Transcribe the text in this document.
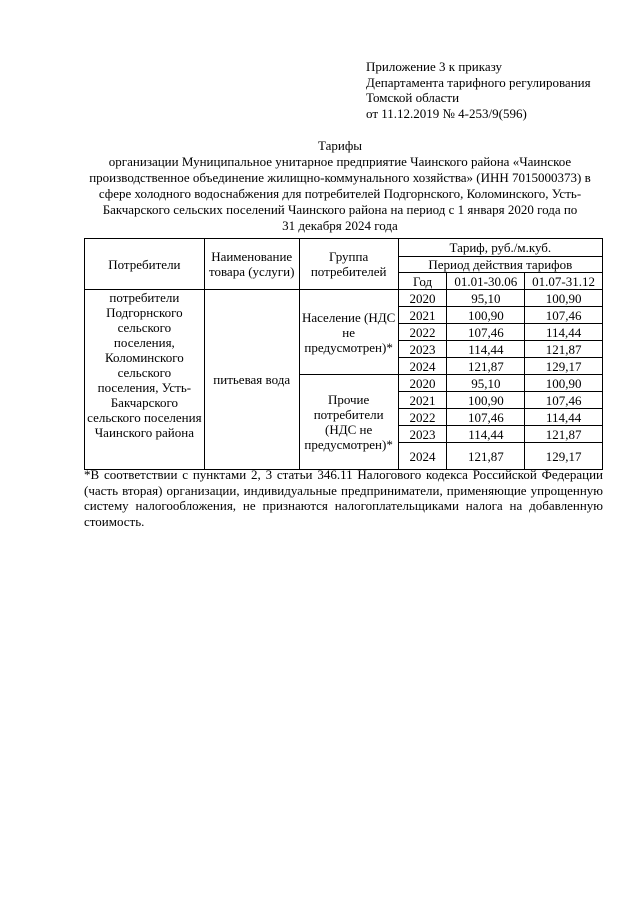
Приложение 3 к приказу
Департамента тарифного регулирования
Томской области
от 11.12.2019 № 4-253/9(596)
Тарифы
организации Муниципальное унитарное предприятие Чаинского района «Чаинское
производственное объединение жилищно-коммунального хозяйства» (ИНН 7015000373) в
сфере холодного водоснабжения для потребителей Подгорнского, Коломинского, Усть-
Бакчарского сельских поселений Чаинского района на период с 1 января 2020 года по
31 декабря 2024 года
Потребители	Наименование товара (услуги)	Группа потребителей	Тариф, руб./м.куб.		
			Период действия тарифов		
			Год	01.01-30.06	01.07-31.12
потребители Подгорнского сельского поселения, Коломинского сельского поселения, Усть-Бакчарского сельского поселения Чаинского района	питьевая вода	Население (НДС не предусмотрен)*	2020	95,10	100,90
			2021	100,90	107,46
			2022	107,46	114,44
			2023	114,44	121,87
			2024	121,87	129,17
		Прочие потребители (НДС не предусмотрен)*	2020	95,10	100,90
			2021	100,90	107,46
			2022	107,46	114,44
			2023	114,44	121,87
			2024	121,87	129,17
*В соответствии с пунктами 2, 3 статьи 346.11 Налогового кодекса Российской Федерации (часть вторая) организации, индивидуальные предприниматели, применяющие упрощенную систему налогообложения, не признаются налогоплательщиками налога на добавленную стоимость.
